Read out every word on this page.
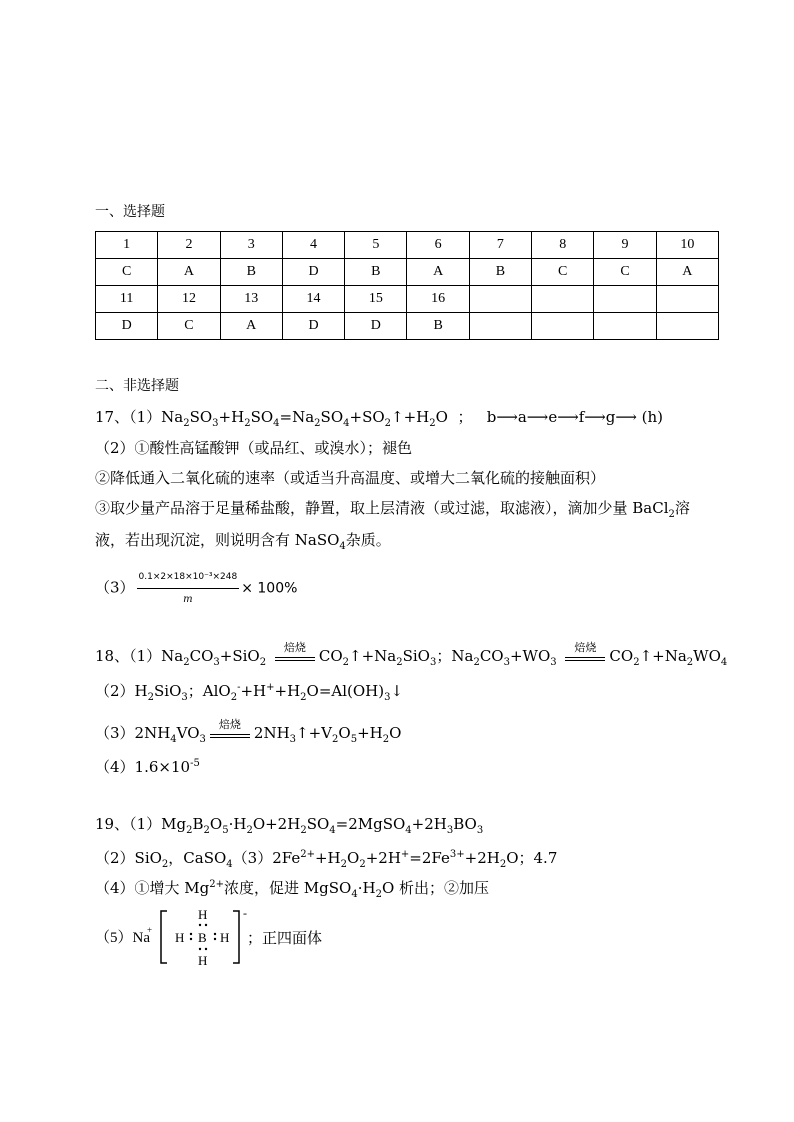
一、选择题
1	2	3	4	5	6	7	8	9	10
C	A	B	D	B	A	B	C	C	A
11	12	13	14	15	16				
D	C	A	D	D	B				
二、非选择题
17、$(1)Na_2SO_3+H_2SO_4=Na_2SO_4+SO_2↑+H_2O$  ；   b⟶a⟶e⟶f⟶g⟶ (h)
（2）①酸性高锰酸钾（或品红、或溴水）；褪色
②降低通入二氧化硫的速率（或适当升高温度、或增大二氧化硫的接触面积）
③取少量产品溶于足量稀盐酸，静置，取上层清液（或过滤，取滤液），滴加少量 BaCl$_2$溶
液，若出现沉淀，则说明含有 NaSO$_4$杂质。
$(3) \frac{\text{0.1×2×18×10⁻³×248}}{m} \times 100\%$
18、$(1)Na_2CO_3+SiO_2$
焙烧 $CO_2↑+Na_2SiO_3$；$Na_2CO_3+WO_3$
焙烧 $CO_2↑+Na_2WO_4$
$(2)H_2SiO_3$；$AlO_2^-+H^++H_2O=Al(OH)_3↓$
$(3)2NH_4VO_3$
焙烧 $2NH_3↑+V_2O_5+H_2O$
$(4)1.6\times 10^{-5}$
19、$(1)Mg_2B_2O_5\cdot H_2O+2H_2SO_4=2MgSO_4+2H_3BO_3$
（2）SiO$_2$，$CaSO_4(3)2Fe^{2+}+H_2O_2+2H^+=2Fe^{3+}+2H_2O$；4.7
（4）①增大 $Mg^{2+}$浓度，促进 $MgSO_4\cdot H_2O$ 析出；②加压
（5）Na
+
H
H B H
H
-
；正四面体
